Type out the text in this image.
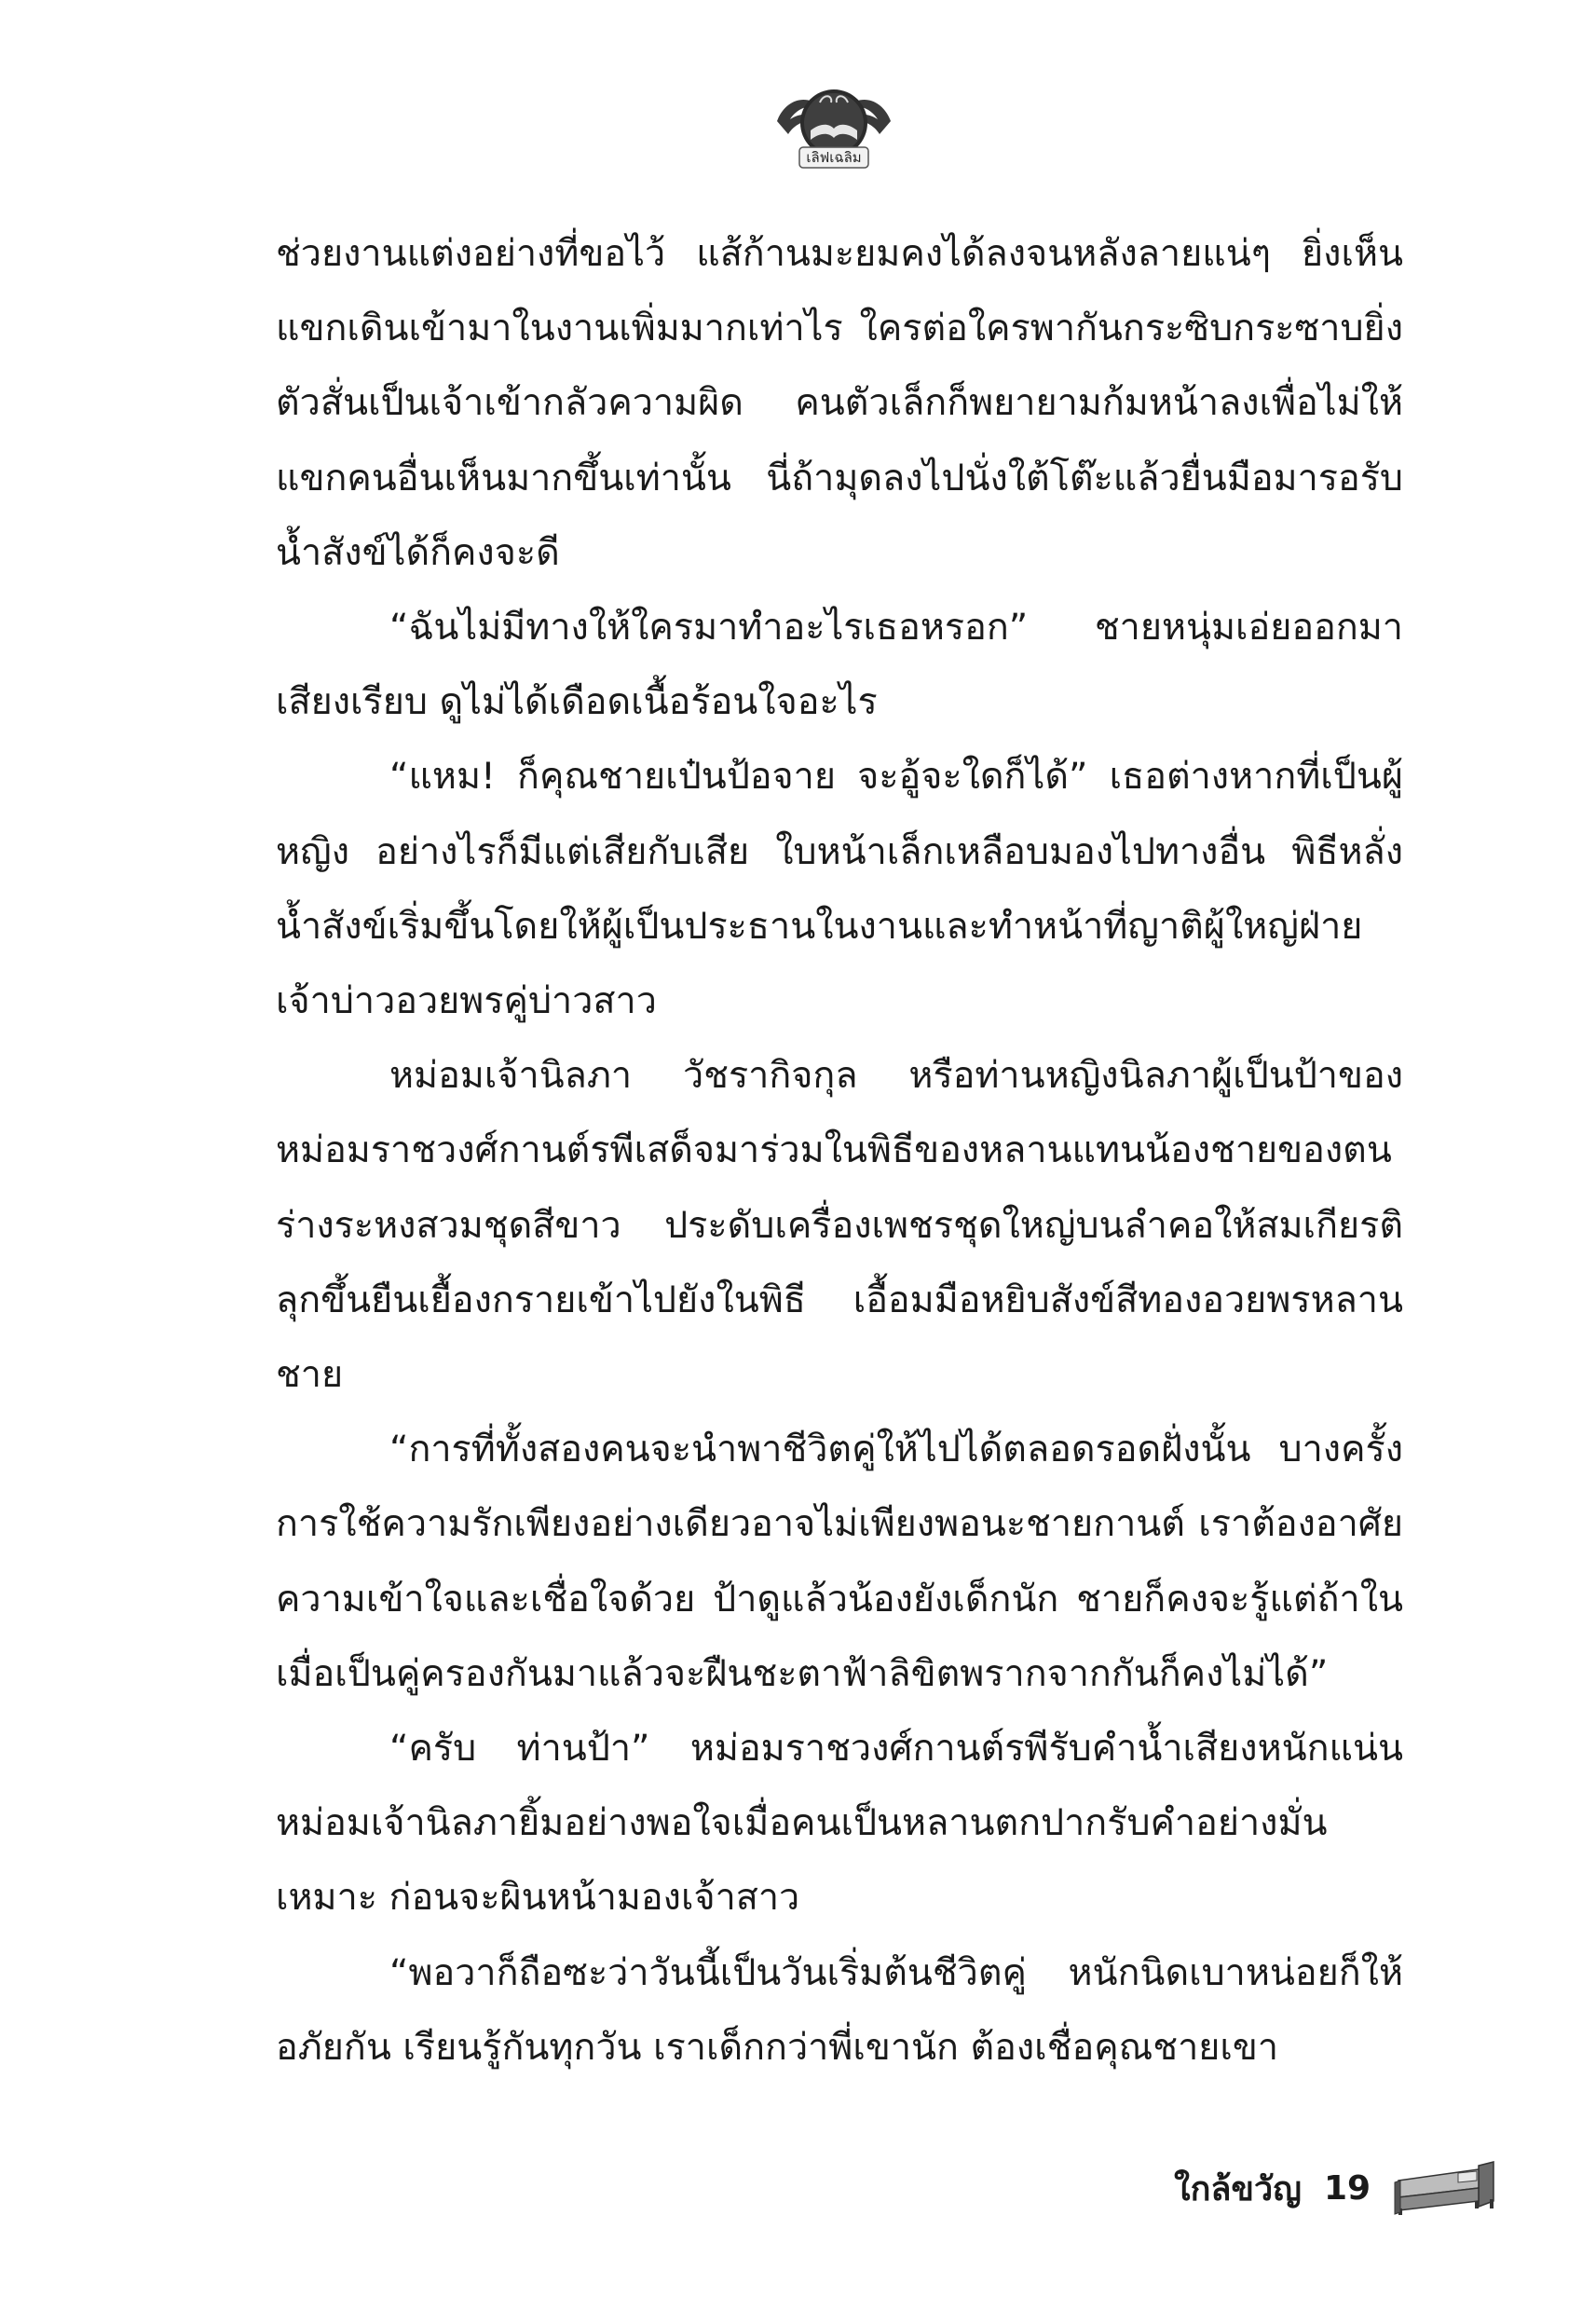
เลิฟเฉลิม

ช่วยงานแต่งอย่างที่ขอไว้ แส้ก้านมะยมคงได้ลงจนหลังลายแน่ๆ ยิ่งเห็นแขกเดินเข้ามาในงานเพิ่มมากเท่าไร ใครต่อใครพากันกระซิบกระซาบยิ่งตัวสั่นเป็นเจ้าเข้ากลัวความผิด คนตัวเล็กก็พยายามก้มหน้าลงเพื่อไม่ให้แขกคนอื่นเห็นมากขึ้นเท่านั้น นี่ถ้ามุดลงไปนั่งใต้โต๊ะแล้วยื่นมือมารอรับน้ำสังข์ได้ก็คงจะดี

“ฉันไม่มีทางให้ใครมาทำอะไรเธอหรอก” ชายหนุ่มเอ่ยออกมาเสียงเรียบ ดูไม่ได้เดือดเนื้อร้อนใจอะไร

“แหม! ก็คุณชายเป๋นป้อจาย จะอู้จะใดก็ได้” เธอต่างหากที่เป็นผู้หญิง อย่างไรก็มีแต่เสียกับเสีย ใบหน้าเล็กเหลือบมองไปทางอื่น พิธีหลั่งน้ำสังข์เริ่มขึ้นโดยให้ผู้เป็นประธานในงานและทำหน้าที่ญาติผู้ใหญ่ฝ่ายเจ้าบ่าวอวยพรคู่บ่าวสาว

หม่อมเจ้านิลภา วัชรากิจกุล หรือท่านหญิงนิลภาผู้เป็นป้าของหม่อมราชวงศ์กานต์รพีเสด็จมาร่วมในพิธีของหลานแทนน้องชายของตนร่างระหงสวมชุดสีขาว ประดับเครื่องเพชรชุดใหญ่บนลำคอให้สมเกียรติลุกขึ้นยืนเยื้องกรายเข้าไปยังในพิธี เอื้อมมือหยิบสังข์สีทองอวยพรหลานชาย

“การที่ทั้งสองคนจะนำพาชีวิตคู่ให้ไปได้ตลอดรอดฝั่งนั้น บางครั้งการใช้ความรักเพียงอย่างเดียวอาจไม่เพียงพอนะชายกานต์ เราต้องอาศัยความเข้าใจและเชื่อใจด้วย ป้าดูแล้วน้องยังเด็กนัก ชายก็คงจะรู้แต่ถ้าในเมื่อเป็นคู่ครองกันมาแล้วจะฝืนชะตาฟ้าลิขิตพรากจากกันก็คงไม่ได้”

“ครับ ท่านป้า” หม่อมราชวงศ์กานต์รพีรับคำน้ำเสียงหนักแน่นหม่อมเจ้านิลภายิ้มอย่างพอใจเมื่อคนเป็นหลานตกปากรับคำอย่างมั่นเหมาะ ก่อนจะผินหน้ามองเจ้าสาว

“พอวาก็ถือซะว่าวันนี้เป็นวันเริ่มต้นชีวิตคู่ หนักนิดเบาหน่อยก็ให้อภัยกัน เรียนรู้กันทุกวัน เราเด็กกว่าพี่เขานัก ต้องเชื่อคุณชายเขา

ใกล้ขวัญ 19
